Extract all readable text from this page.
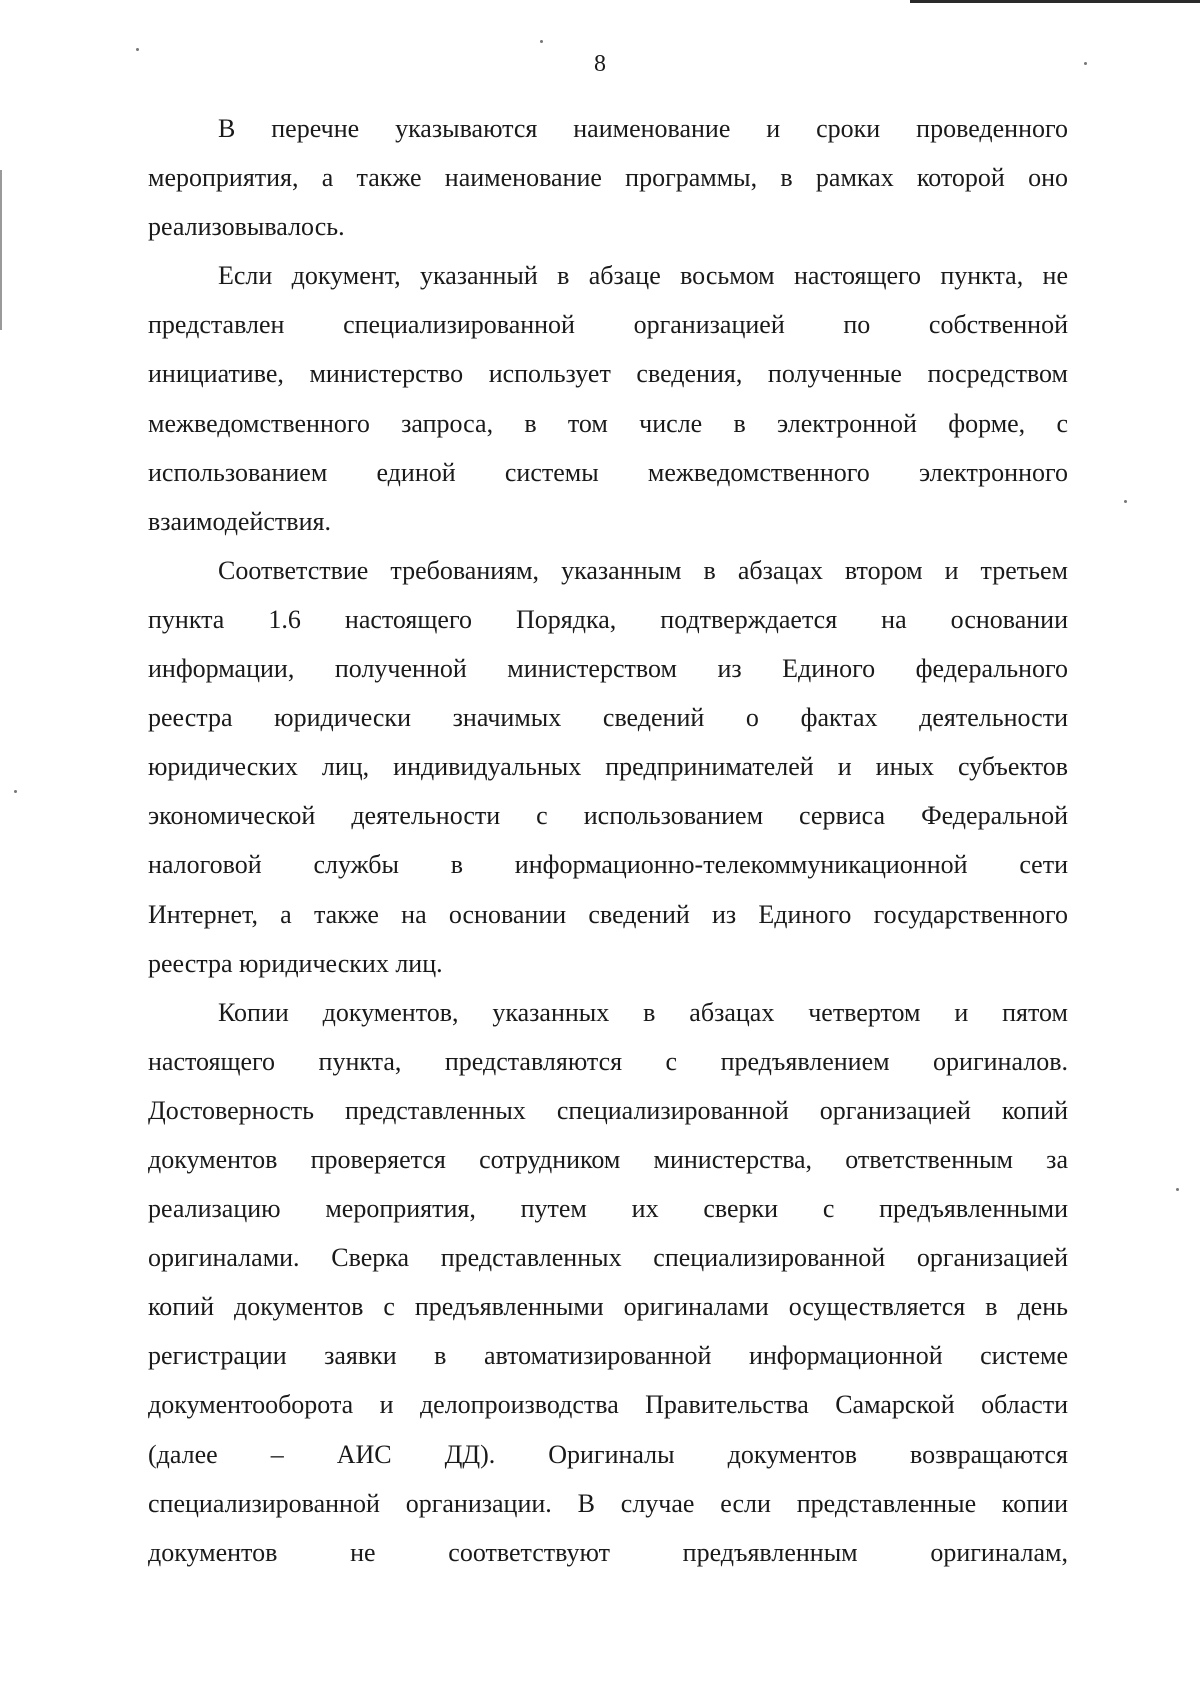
8
В перечне указываются наименование и сроки проведенного
мероприятия, а также наименование программы, в рамках которой оно
реализовывалось.
Если документ, указанный в абзаце восьмом настоящего пункта, не
представлен специализированной организацией по собственной
инициативе, министерство использует сведения, полученные посредством
межведомственного запроса, в том числе в электронной форме, с
использованием единой системы межведомственного электронного
взаимодействия.
Соответствие требованиям, указанным в абзацах втором и третьем
пункта 1.6 настоящего Порядка, подтверждается на основании
информации, полученной министерством из Единого федерального
реестра юридически значимых сведений о фактах деятельности
юридических лиц, индивидуальных предпринимателей и иных субъектов
экономической деятельности с использованием сервиса Федеральной
налоговой службы в информационно-телекоммуникационной сети
Интернет, а также на основании сведений из Единого государственного
реестра юридических лиц.
Копии документов, указанных в абзацах четвертом и пятом
настоящего пункта, представляются с предъявлением оригиналов.
Достоверность представленных специализированной организацией копий
документов проверяется сотрудником министерства, ответственным за
реализацию мероприятия, путем их сверки с предъявленными
оригиналами. Сверка представленных специализированной организацией
копий документов с предъявленными оригиналами осуществляется в день
регистрации заявки в автоматизированной информационной системе
документооборота и делопроизводства Правительства Самарской области
(далее – АИС ДД). Оригиналы документов возвращаются
специализированной организации. В случае если представленные копии
документов не соответствуют предъявленным оригиналам,
